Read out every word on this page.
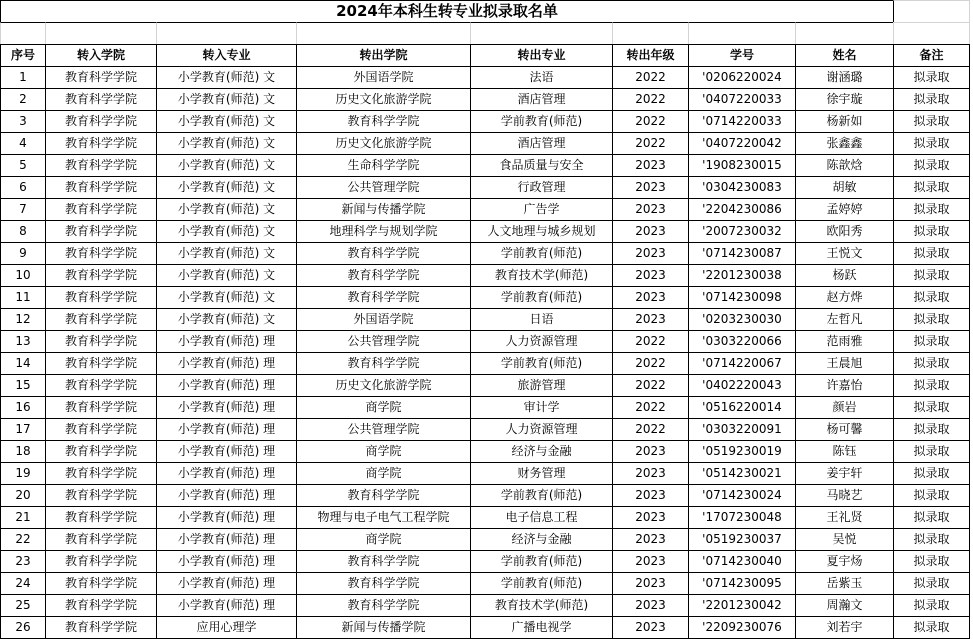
2024年本科生转专业拟录取名单								

序号	转入学院	转入专业	转出学院	转出专业	转出年级	学号	姓名	备注
1	教育科学学院	小学教育(师范) 文	外国语学院	法语	2022	'0206220024	谢涵璐	拟录取
2	教育科学学院	小学教育(师范) 文	历史文化旅游学院	酒店管理	2022	'0407220033	徐宇璇	拟录取
3	教育科学学院	小学教育(师范) 文	教育科学学院	学前教育(师范)	2022	'0714220033	杨新如	拟录取
4	教育科学学院	小学教育(师范) 文	历史文化旅游学院	酒店管理	2022	'0407220042	张鑫鑫	拟录取
5	教育科学学院	小学教育(师范) 文	生命科学学院	食品质量与安全	2023	'1908230015	陈歆焓	拟录取
6	教育科学学院	小学教育(师范) 文	公共管理学院	行政管理	2023	'0304230083	胡敏	拟录取
7	教育科学学院	小学教育(师范) 文	新闻与传播学院	广告学	2023	'2204230086	孟婷婷	拟录取
8	教育科学学院	小学教育(师范) 文	地理科学与规划学院	人文地理与城乡规划	2023	'2007230032	欧阳秀	拟录取
9	教育科学学院	小学教育(师范) 文	教育科学学院	学前教育(师范)	2023	'0714230087	王悦文	拟录取
10	教育科学学院	小学教育(师范) 文	教育科学学院	教育技术学(师范)	2023	'2201230038	杨跃	拟录取
11	教育科学学院	小学教育(师范) 文	教育科学学院	学前教育(师范)	2023	'0714230098	赵方烨	拟录取
12	教育科学学院	小学教育(师范) 文	外国语学院	日语	2023	'0203230030	左哲凡	拟录取
13	教育科学学院	小学教育(师范) 理	公共管理学院	人力资源管理	2022	'0303220066	范雨雅	拟录取
14	教育科学学院	小学教育(师范) 理	教育科学学院	学前教育(师范)	2022	'0714220067	王晨旭	拟录取
15	教育科学学院	小学教育(师范) 理	历史文化旅游学院	旅游管理	2022	'0402220043	许嘉怡	拟录取
16	教育科学学院	小学教育(师范) 理	商学院	审计学	2022	'0516220014	颜岩	拟录取
17	教育科学学院	小学教育(师范) 理	公共管理学院	人力资源管理	2022	'0303220091	杨可馨	拟录取
18	教育科学学院	小学教育(师范) 理	商学院	经济与金融	2023	'0519230019	陈钰	拟录取
19	教育科学学院	小学教育(师范) 理	商学院	财务管理	2023	'0514230021	姜宇轩	拟录取
20	教育科学学院	小学教育(师范) 理	教育科学学院	学前教育(师范)	2023	'0714230024	马晓艺	拟录取
21	教育科学学院	小学教育(师范) 理	物理与电子电气工程学院	电子信息工程	2023	'1707230048	王礼贤	拟录取
22	教育科学学院	小学教育(师范) 理	商学院	经济与金融	2023	'0519230037	吴悦	拟录取
23	教育科学学院	小学教育(师范) 理	教育科学学院	学前教育(师范)	2023	'0714230040	夏宇炀	拟录取
24	教育科学学院	小学教育(师范) 理	教育科学学院	学前教育(师范)	2023	'0714230095	岳紫玉	拟录取
25	教育科学学院	小学教育(师范) 理	教育科学学院	教育技术学(师范)	2023	'2201230042	周瀚文	拟录取
26	教育科学学院	应用心理学	新闻与传播学院	广播电视学	2023	'2209230076	刘若宇	拟录取
